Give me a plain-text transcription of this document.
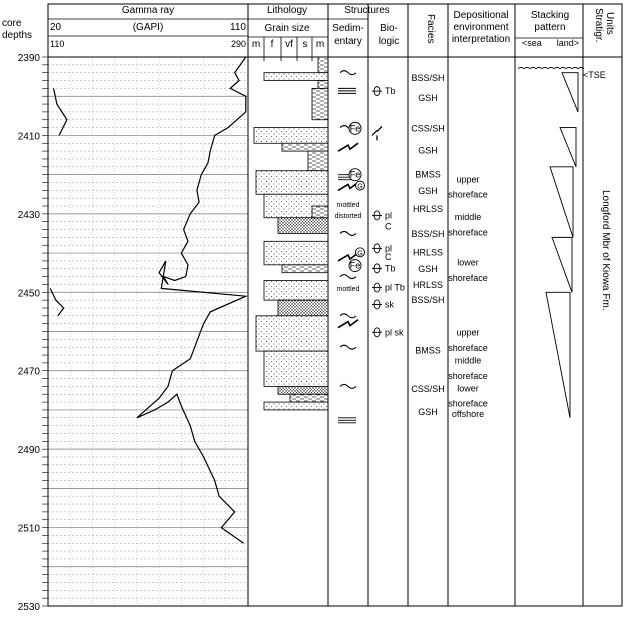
core
depths
Gamma ray
(GAPI)
20	110
110	290
Lithology
Grain size
m f vf s m
Structures
Sedim-
entary
Bio-
logic	Facies Depositional
environment
interpretation
Stacking
pattern
<sea land>
Stratigr. Units
Longford Mbr of Kiowa Fm.
<TSE
2390
2410
2430
2450
2470
2490
2510
2530
BSS/SH
GSH
CSS/SH
GSH
BMSS
GSH
HRLSS
BSS/SH
HRLSS
GSH
HRLSS
BSS/SH
BMSS
CSS/SH
GSH
upper
shoreface
middle
shoreface
lower
shoreface
upper
shoreface
middle
shoreface
lower
shoreface
offshore
mottled
distorted
mottled
Tb
pl
C
pl
C
Tb
pl Tb
sk
pl sk
Fe
Fe
G
G
Fe
